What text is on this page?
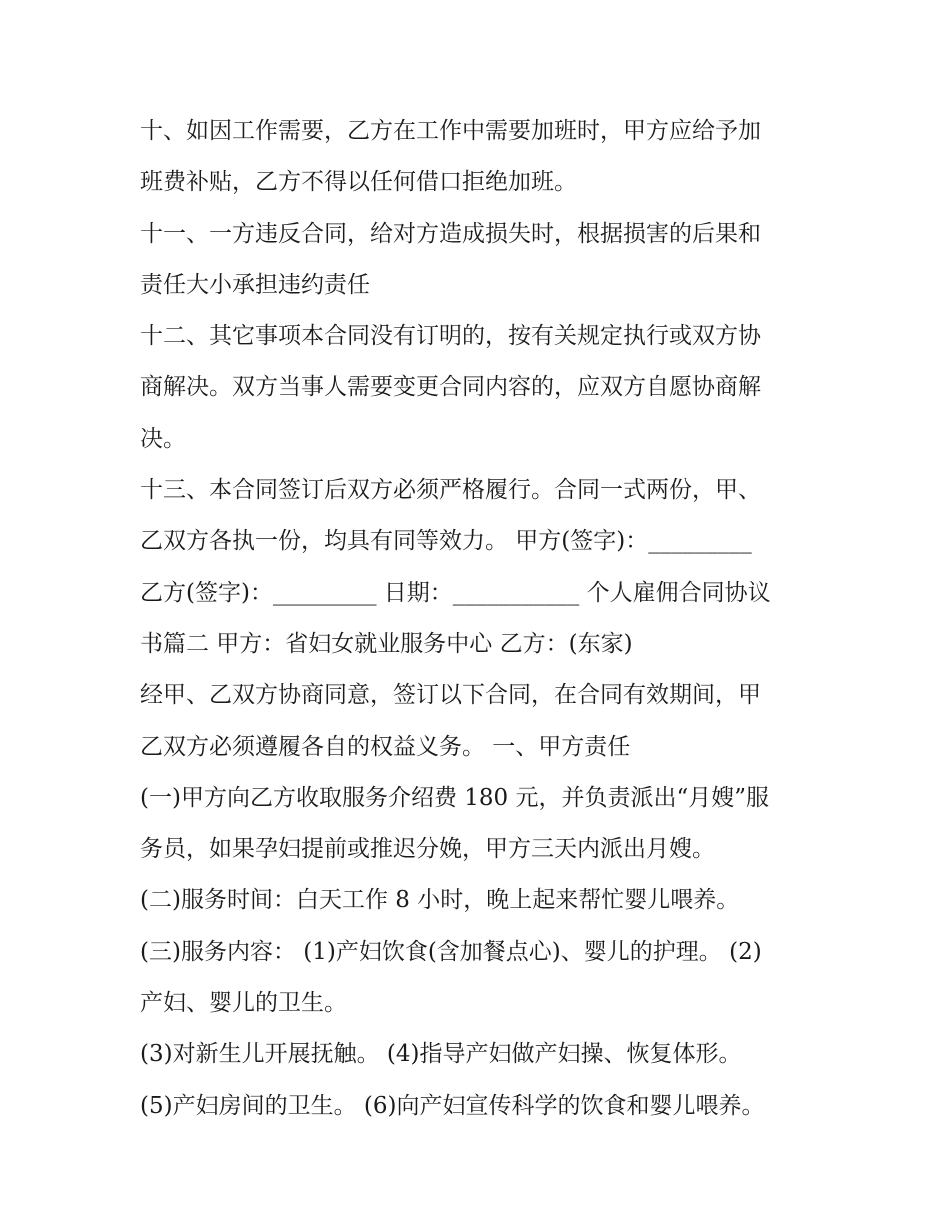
十、如因工作需要，乙方在工作中需要加班时，甲方应给予加
班费补贴，乙方不得以任何借口拒绝加班。
十一、一方违反合同，给对方造成损失时，根据损害的后果和
责任大小承担违约责任
十二、其它事项本合同没有订明的，按有关规定执行或双方协
商解决。双方当事人需要变更合同内容的，应双方自愿协商解
决。
十三、本合同签订后双方必须严格履行。合同一式两份，甲、
乙双方各执一份，均具有同等效力。 甲方(签字)：_________
乙方(签字)：_________ 日期：___________ 个人雇佣合同协议
书篇二 甲方：省妇女就业服务中心 乙方：(东家)
经甲、乙双方协商同意，签订以下合同，在合同有效期间，甲
乙双方必须遵履各自的权益义务。 一、甲方责任
(一)甲方向乙方收取服务介绍费 180 元，并负责派出“月嫂”服
务员，如果孕妇提前或推迟分娩，甲方三天内派出月嫂。
(二)服务时间：白天工作 8 小时，晚上起来帮忙婴儿喂养。
(三)服务内容： (1)产妇饮食(含加餐点心)、婴儿的护理。 (2)
产妇、婴儿的卫生。
(3)对新生儿开展抚触。 (4)指导产妇做产妇操、恢复体形。
(5)产妇房间的卫生。 (6)向产妇宣传科学的饮食和婴儿喂养。
